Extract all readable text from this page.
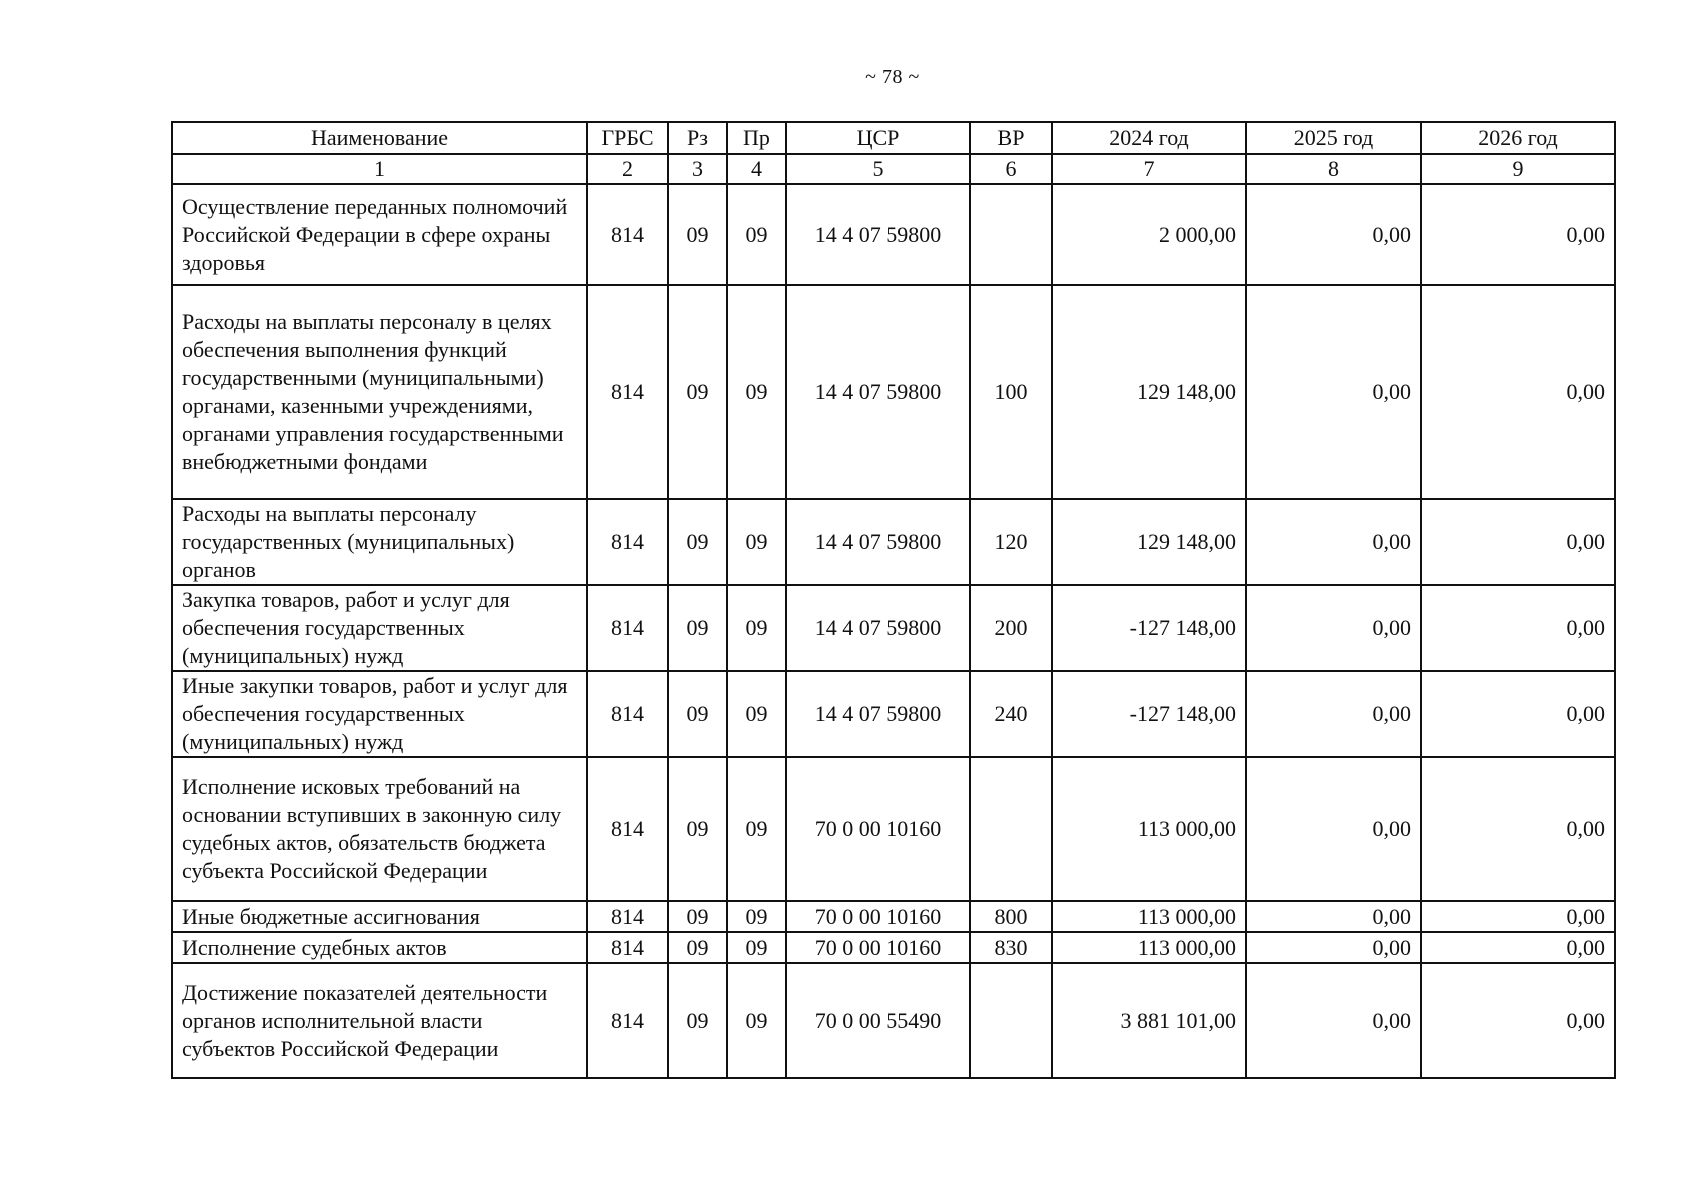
~ 78 ~
Наименование	ГРБС	Рз	Пр	ЦСР	ВР	2024 год	2025 год	2026 год
1	2	3	4	5	6	7	8	9
Осуществление переданных полномочий Российской Федерации в сфере охраны здоровья	814	09	09	14 4 07 59800		2 000,00	0,00	0,00
Расходы на выплаты персоналу в целях обеспечения выполнения функций государственными (муниципальными) органами, казенными учреждениями, органами управления государственными внебюджетными фондами	814	09	09	14 4 07 59800	100	129 148,00	0,00	0,00
Расходы на выплаты персоналу государственных (муниципальных) органов	814	09	09	14 4 07 59800	120	129 148,00	0,00	0,00
Закупка товаров, работ и услуг для обеспечения государственных (муниципальных) нужд	814	09	09	14 4 07 59800	200	-127 148,00	0,00	0,00
Иные закупки товаров, работ и услуг для обеспечения государственных (муниципальных) нужд	814	09	09	14 4 07 59800	240	-127 148,00	0,00	0,00
Исполнение исковых требований на основании вступивших в законную силу судебных актов, обязательств бюджета субъекта Российской Федерации	814	09	09	70 0 00 10160		113 000,00	0,00	0,00
Иные бюджетные ассигнования	814	09	09	70 0 00 10160	800	113 000,00	0,00	0,00
Исполнение судебных актов	814	09	09	70 0 00 10160	830	113 000,00	0,00	0,00
Достижение показателей деятельности органов исполнительной власти субъектов Российской Федерации	814	09	09	70 0 00 55490		3 881 101,00	0,00	0,00
